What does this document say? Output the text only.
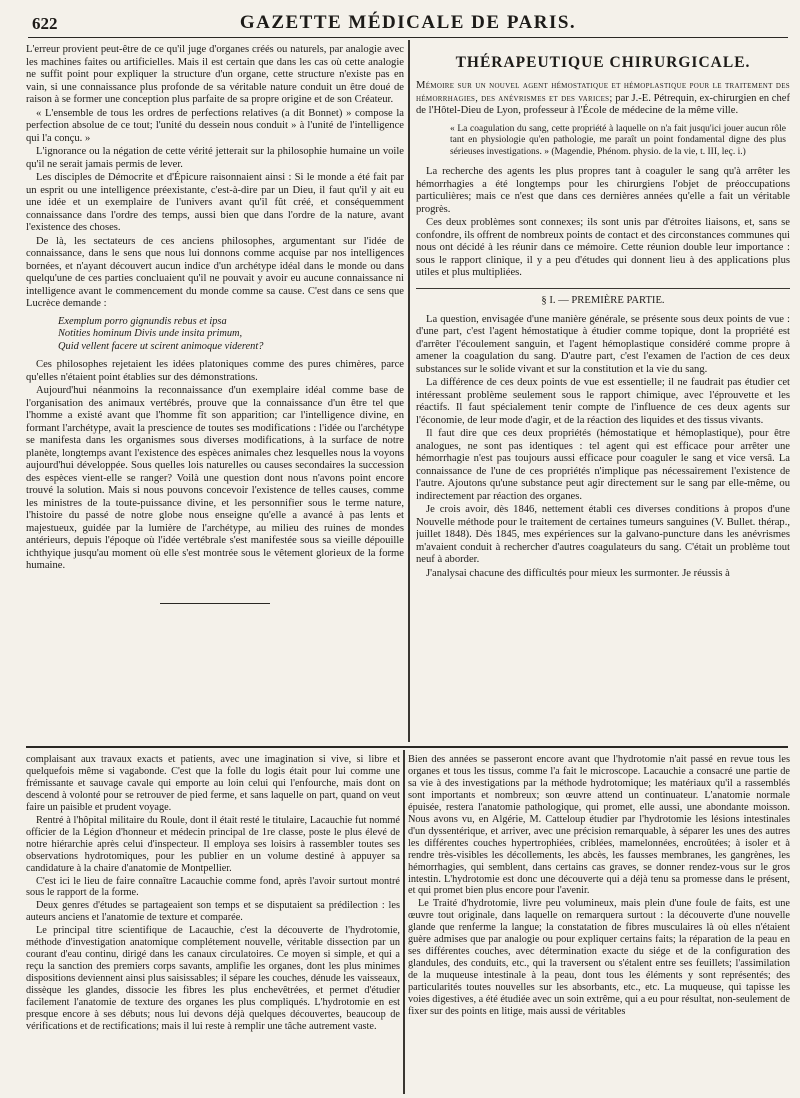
622	GAZETTE MÉDICALE DE PARIS.

L'erreur provient peut-être de ce qu'il juge d'organes créés ou naturels, par analogie avec les machines faites ou artificielles. Mais il est certain que dans les cas où cette analogie ne suffit point pour expliquer la structure d'un organe, cette structure n'existe pas en vain, si une connaissance plus profonde de sa véritable nature conduit un être doué de raison à se former une conception plus parfaite de sa propre origine et de son Créateur.

« L'ensemble de tous les ordres de perfections relatives (a dit Bonnet) » compose la perfection absolue de ce tout; l'unité du dessein nous conduit » à l'unité de l'intelligence qui l'a conçu. »

L'ignorance ou la négation de cette vérité jetterait sur la philosophie humaine un voile qu'il ne serait jamais permis de lever.

Les disciples de Démocrite et d'Épicure raisonnaient ainsi : Si le monde a été fait par un esprit ou une intelligence préexistante, c'est-à-dire par un Dieu, il faut qu'il y ait eu une idée et un exemplaire de l'univers avant qu'il fût créé, et conséquemment connaissance dans l'ordre des temps, aussi bien que dans l'ordre de la nature, avant l'existence des choses.

De là, les sectateurs de ces anciens philosophes, argumentant sur l'idée de connaissance, dans le sens que nous lui donnons comme acquise par nos intelligences bornées, et n'ayant découvert aucun indice d'un archétype idéal dans le monde ou dans quelqu'une de ces parties concluaient qu'il ne pouvait y avoir eu aucune connaissance ni intelligence avant le commencement du monde comme sa cause. C'est dans ce sens que Lucrèce demande :

Exemplum porro gignundis rebus et ipsa
Notities hominum Divis unde insita primum,
Quid vellent facere ut scirent animoque viderent?

Ces philosophes rejetaient les idées platoniques comme des pures chimères, parce qu'elles n'étaient point établies sur des démonstrations.

Aujourd'hui néanmoins la reconnaissance d'un exemplaire idéal comme base de l'organisation des animaux vertébrés, prouve que la connaissance d'un être tel que l'homme a existé avant que l'homme fît son apparition; car l'intelligence divine, en formant l'archétype, avait la prescience de toutes ses modifications : l'idée ou l'archétype se manifesta dans les organismes sous diverses modifications, à la surface de notre planète, longtemps avant l'existence des espèces animales chez lesquelles nous la voyons aujourd'hui développée. Sous quelles lois naturelles ou causes secondaires la succession des espèces vient-elle se ranger? Voilà une question dont nous n'avons point encore trouvé la solution. Mais si nous pouvons concevoir l'existence de telles causes, comme les ministres de la toute-puissance divine, et les personnifier sous le terme nature, l'histoire du passé de notre globe nous enseigne qu'elle a avancé à pas lents et majestueux, guidée par la lumière de l'archétype, au milieu des ruines de mondes antérieurs, depuis l'époque où l'idée vertébrale s'est manifestée sous sa vieille dépouille ichthyique jusqu'au moment où elle s'est montrée sous le vêtement glorieux de la forme humaine.

THÉRAPEUTIQUE CHIRURGICALE.

Mémoire sur un nouvel agent hémostatique et hémoplastique pour le traitement des hémorrhagies, des anévrismes et des varices; par J.-E. Pétrequin, ex-chirurgien en chef de l'Hôtel-Dieu de Lyon, professeur à l'École de médecine de la même ville.

« La coagulation du sang, cette propriété à laquelle on n'a fait jusqu'ici jouer aucun rôle tant en physiologie qu'en pathologie, me paraît un point fondamental digne des plus sérieuses investigations. » (Magendie, Phénom. physio. de la vie, t. III, leç. i.)

La recherche des agents les plus propres tant à coaguler le sang qu'à arrêter les hémorrhagies a été longtemps pour les chirurgiens l'objet de préoccupations particulières; mais ce n'est que dans ces dernières années qu'elle a fait un véritable progrès.

Ces deux problèmes sont connexes; ils sont unis par d'étroites liaisons, et, sans se confondre, ils offrent de nombreux points de contact et des circonstances communes qui nous ont décidé à les réunir dans ce mémoire. Cette réunion double leur importance : sous le rapport clinique, il y a peu d'études qui donnent lieu à des applications plus utiles et plus multipliées.

§ I. — PREMIÈRE PARTIE.

La question, envisagée d'une manière générale, se présente sous deux points de vue : d'une part, c'est l'agent hémostatique à étudier comme topique, dont la propriété est d'arrêter l'écoulement sanguin, et l'agent hémoplastique considéré comme propre à amener la coagulation du sang. D'autre part, c'est l'examen de l'action de ces deux substances sur le solide vivant et sur la constitution et la vie du sang.

La différence de ces deux points de vue est essentielle; il ne faudrait pas étudier cet intéressant problème seulement sous le rapport chimique, avec l'éprouvette et les réactifs. Il faut spécialement tenir compte de l'influence de ces deux agents sur l'économie, de leur mode d'agir, et de la réaction des liquides et des tissus vivants.

Il faut dire que ces deux propriétés (hémostatique et hémoplastique), pour être analogues, ne sont pas identiques : tel agent qui est efficace pour arrêter une hémorrhagie n'est pas toujours aussi efficace pour coaguler le sang et vice versâ. La connaissance de l'une de ces propriétés n'implique pas nécessairement l'existence de l'autre. Ajoutons qu'une substance peut agir directement sur le sang par elle-même, ou indirectement par réaction des organes.

Je crois avoir, dès 1846, nettement établi ces diverses conditions à propos d'une Nouvelle méthode pour le traitement de certaines tumeurs sanguines (V. Bullet. thérap., juillet 1848). Dès 1845, mes expériences sur la galvano-puncture dans les anévrismes m'avaient conduit à rechercher d'autres coagulateurs du sang. C'était un problème tout neuf à aborder.

J'analysai chacune des difficultés pour mieux les surmonter. Je réussis à

complaisant aux travaux exacts et patients, avec une imagination si vive, si libre et quelquefois même si vagabonde. C'est que la folle du logis était pour lui comme une frémissante et sauvage cavale qui emporte au loin celui qui l'enfourche, mais dont on descend à volonté pour se retrouver de pied ferme, et sans laquelle on part, quand on veut faire un paisible et prudent voyage.

Rentré à l'hôpital militaire du Roule, dont il était resté le titulaire, Lacauchie fut nommé officier de la Légion d'honneur et médecin principal de 1re classe, poste le plus élevé de notre hiérarchie après celui d'inspecteur. Il employa ses loisirs à rassembler toutes ses observations hydrotomiques, pour les publier en un volume destiné à appuyer sa candidature à la chaire d'anatomie de Montpellier.

C'est ici le lieu de faire connaître Lacauchie comme fond, après l'avoir surtout montré sous le rapport de la forme.

Deux genres d'études se partageaient son temps et se disputaient sa prédilection : les auteurs anciens et l'anatomie de texture et comparée.

Le principal titre scientifique de Lacauchie, c'est la découverte de l'hydrotomie, méthode d'investigation anatomique complétement nouvelle, véritable dissection par un courant d'eau continu, dirigé dans les canaux circulatoires. Ce moyen si simple, et qui a reçu la sanction des premiers corps savants, amplifie les organes, dont les plus minimes dispositions deviennent ainsi plus saisissables; il sépare les couches, dénude les vaisseaux, dissèque les glandes, dissocie les fibres les plus enchevêtrées, et permet d'étudier facilement l'anatomie de texture des organes les plus compliqués. L'hydrotomie en est presque encore à ses débuts; nous lui devons déjà quelques découvertes, beaucoup de vérifications et de rectifications; mais il lui reste à remplir une tâche autrement vaste.

Bien des années se passeront encore avant que l'hydrotomie n'ait passé en revue tous les organes et tous les tissus, comme l'a fait le microscope. Lacauchie a consacré une partie de sa vie à des investigations par la méthode hydrotomique; les matériaux qu'il a rassemblés sont importants et nombreux; son œuvre attend un continuateur. L'anatomie normale épuisée, restera l'anatomie pathologique, qui promet, elle aussi, une abondante moisson. Nous avons vu, en Algérie, M. Catteloup étudier par l'hydrotomie les lésions intestinales d'un dyssentérique, et arriver, avec une précision remarquable, à séparer les unes des autres les différentes couches hypertrophiées, criblées, mamelonnées, encroûtées; à isoler et à rendre très-visibles les décollements, les abcès, les fausses membranes, les gangrènes, les hémorrhagies, qui semblent, dans certains cas graves, se donner rendez-vous sur le gros intestin. L'hydrotomie est donc une découverte qui a déjà tenu sa promesse dans le présent, et qui promet bien plus encore pour l'avenir.

Le Traité d'hydrotomie, livre peu volumineux, mais plein d'une foule de faits, est une œuvre tout originale, dans laquelle on remarquera surtout : la découverte d'une nouvelle glande que renferme la langue; la constatation de fibres musculaires là où elles n'étaient guère admises que par analogie ou pour expliquer certains faits; la réparation de la peau en ses différentes couches, avec détermination exacte du siége et de la configuration des glandules, des conduits, etc., qui la traversent ou s'étalent entre ses feuillets; l'assimilation de la muqueuse intestinale à la peau, dont tous les éléments y sont représentés; des particularités toutes nouvelles sur les absorbants, etc., etc. La muqueuse, qui tapisse les voies digestives, a été étudiée avec un soin extrême, qui a eu pour résultat, non-seulement de fixer sur des points en litige, mais aussi de véritables
